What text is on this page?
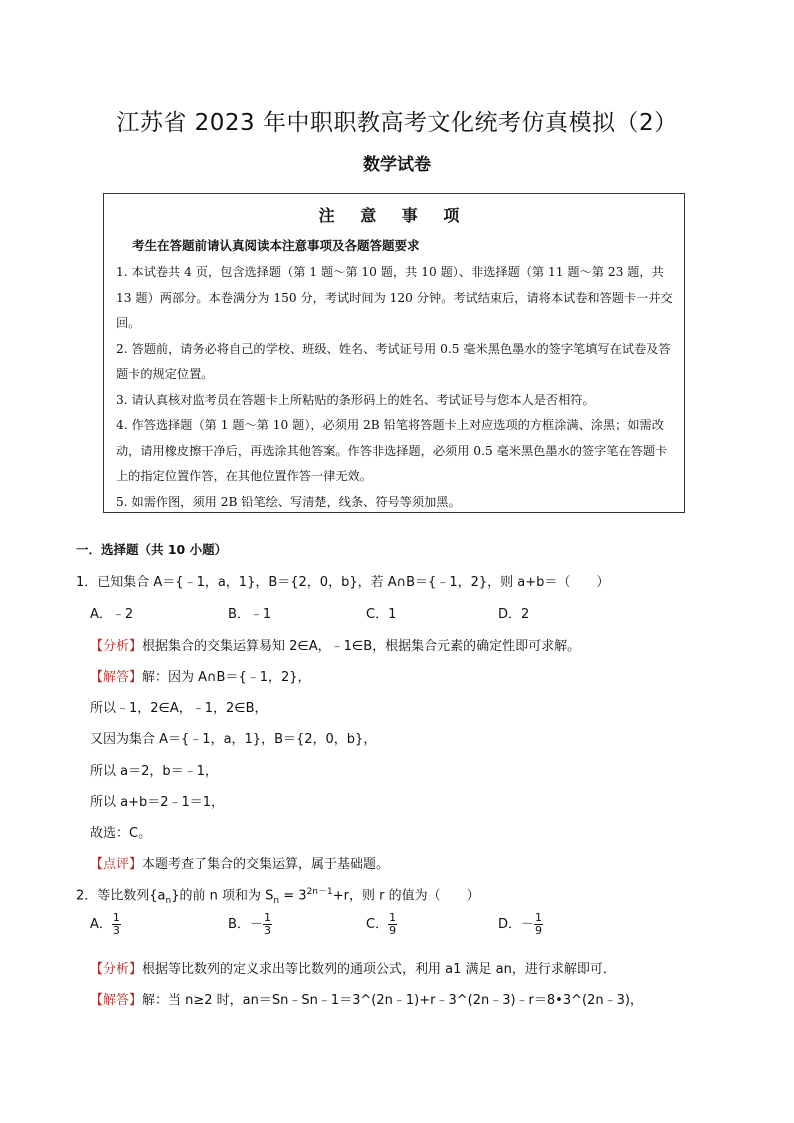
江苏省 2023 年中职职教高考文化统考仿真模拟（2）
数学试卷
注 意 事 项
考生在答题前请认真阅读本注意事项及各题答题要求
1. 本试卷共 4 页，包含选择题（第 1 题～第 10 题，共 10 题）、非选择题（第 11 题～第 23 题，共 13 题）两部分。本卷满分为 150 分，考试时间为 120 分钟。考试结束后，请将本试卷和答题卡一并交回。
2. 答题前，请务必将自己的学校、班级、姓名、考试证号用 0.5 毫米黑色墨水的签字笔填写在试卷及答题卡的规定位置。
3. 请认真核对监考员在答题卡上所粘贴的条形码上的姓名、考试证号与您本人是否相符。
4. 作答选择题（第 1 题～第 10 题），必须用 2B 铅笔将答题卡上对应选项的方框涂满、涂黑；如需改动，请用橡皮擦干净后，再选涂其他答案。作答非选择题，必须用 0.5 毫米黑色墨水的签字笔在答题卡上的指定位置作答，在其他位置作答一律无效。
5. 如需作图，须用 2B 铅笔绘、写清楚，线条、符号等须加黑。
一．选择题（共 10 小题）
1．已知集合 A＝{﹣1，a，1}，B＝{2，0，b}，若 A∩B＝{﹣1，2}，则 a+b＝（　　）
A．﹣2	B．﹣1	C．1	D．2
【分析】根据集合的交集运算易知 2∈A，﹣1∈B，根据集合元素的确定性即可求解。
【解答】解：因为 A∩B＝{﹣1，2}，
所以﹣1，2∈A，﹣1，2∈B，
又因为集合 A＝{﹣1，a，1}，B＝{2，0，b}，
所以 a＝2，b＝﹣1，
所以 a+b＝2﹣1＝1，
故选：C。
【点评】本题考查了集合的交集运算，属于基础题。
2．等比数列$\{a_n\}$的前 n 项和为 $S_n = 3^{2n-1}+r$，则 r 的值为（　　）
A． $\frac{1}{3}$	B．－ $\frac{1}{3}$	C． $\frac{1}{9}$	D．－ $\frac{1}{9}$
【分析】根据等比数列的定义求出等比数列的通项公式，利用 a1 满足 an，进行求解即可．
【解答】解：当 n≥2 时，an＝Sn﹣Sn﹣1＝3^(2n﹣1)+r﹣3^(2n﹣3)﹣r＝8•3^(2n﹣3)，
